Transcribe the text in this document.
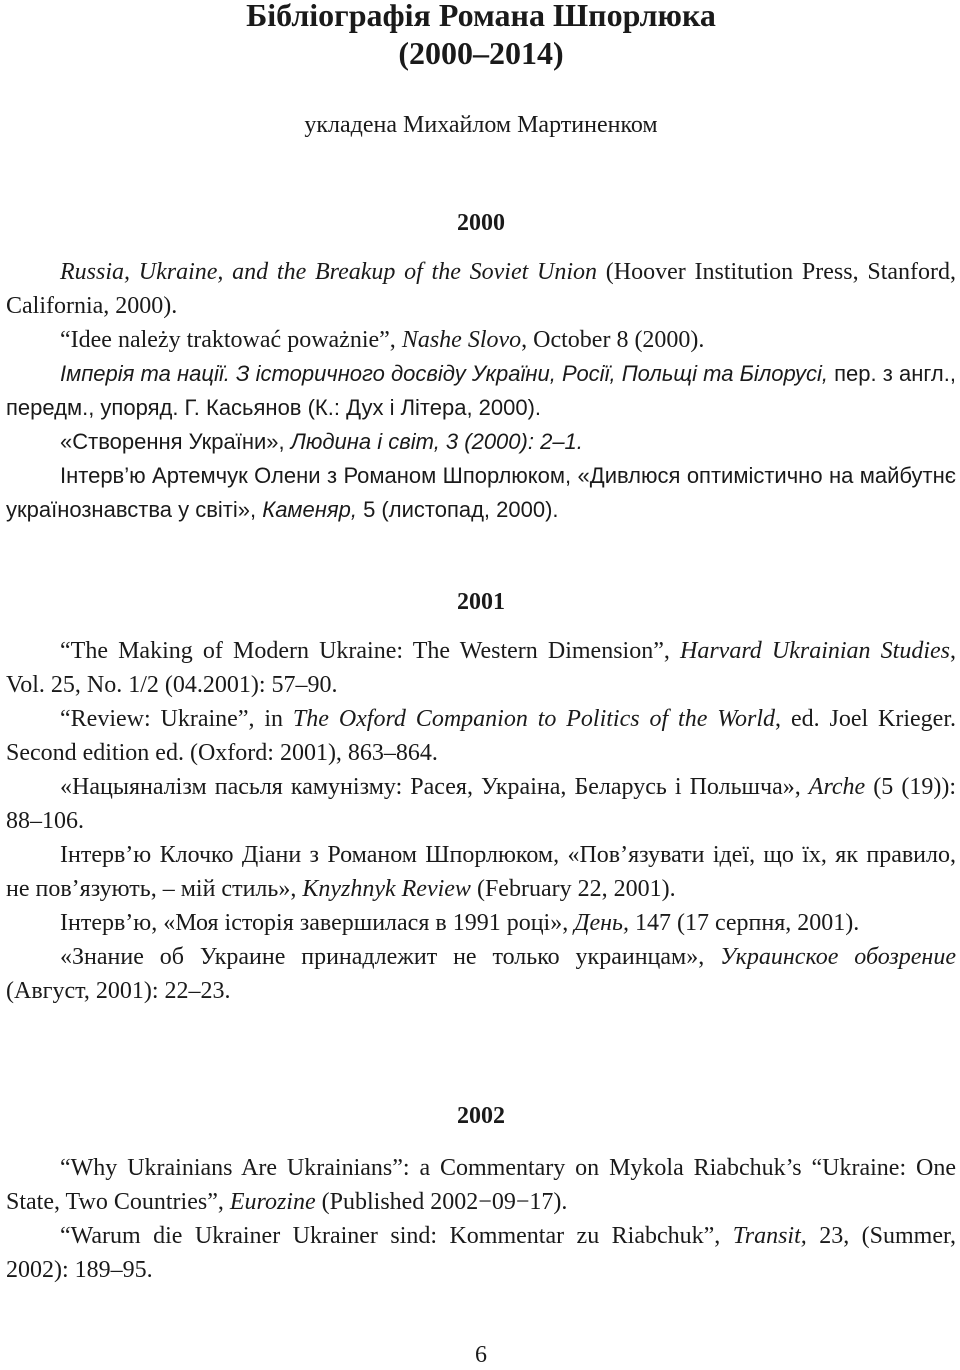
Бібліографія Романа Шпорлюка
(2000–2014)
укладена Михайлом Мартиненком
2000

Russia, Ukraine, and the Breakup of the Soviet Union (Hoover Institution Press, Stanford, California, 2000).

“Idee należy traktować poważnie”, Nashe Slovo, October 8 (2000).

Імперія та нації. З історичного досвіду України, Росії, Польщі та Білорусі, пер. з англ., передм., упоряд. Г. Касьянов (К.: Дух і Літера, 2000).

«Створення України», Людина і світ, 3 (2000): 2–1.

Інтерв’ю Артемчук Олени з Романом Шпорлюком, «Дивлюся оптимістично на майбутнє українознавства у світі», Каменяр, 5 (листопад, 2000).

2001

“The Making of Modern Ukraine: The Western Dimension”, Harvard Ukrainian Studies, Vol. 25, No. 1/2 (04.2001): 57–90.

“Review: Ukraine”, in The Oxford Companion to Politics of the World, ed. Joel Krieger. Second edition ed. (Oxford: 2001), 863–864.

«Нацыяналізм пасьля камунізму: Расея, Украіна, Беларусь і Польшча», Arche (5 (19)): 88–106.

Інтерв’ю Клочко Діани з Романом Шпорлюком, «Пов’язувати ідеї, що їх, як правило, не пов’язують, – мій стиль», Knyzhnyk Review (February 22, 2001).

Інтерв’ю, «Моя історія завершилася в 1991 році», День, 147 (17 серпня, 2001).

«Знание об Украине принадлежит не только украинцам», Украинское обозрение (Август, 2001): 22–23.

2002

“Why Ukrainians Are Ukrainians”: a Commentary on Mykola Riabchuk’s “Ukraine: One State, Two Countries”, Eurozine (Published 2002−09−17).

“Warum die Ukrainer Ukrainer sind: Kommentar zu Riabchuk”, Transit, 23, (Summer, 2002): 189–95.

6
